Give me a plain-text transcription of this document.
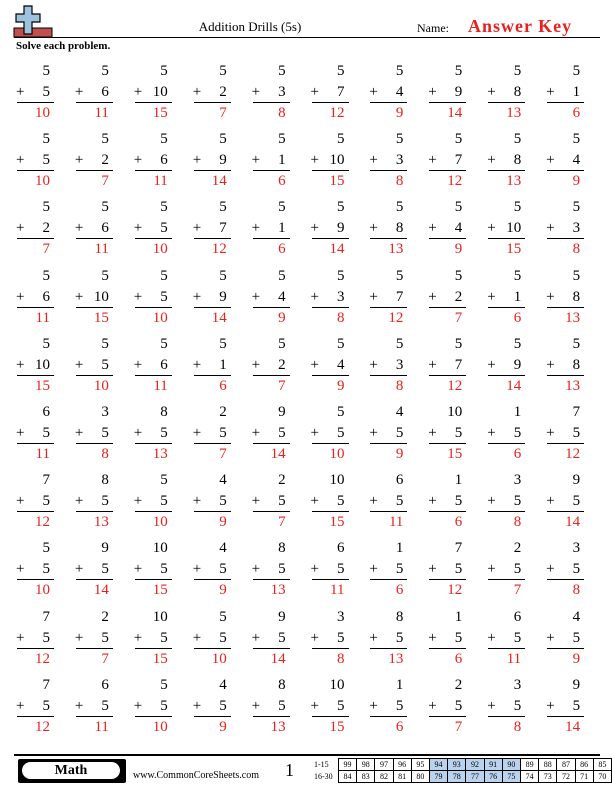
Addition Drills (5s)	Name: Answer Key
Solve each problem.
5
+ 5
10
5
+ 6
11
5
+ 10
15
5
+ 2
7
5
+ 3
8
5
+ 7
12
5
+ 4
9
5
+ 9
14
5
+ 8
13
5
+ 1
6
5
+ 5
10
5
+ 2
7
5
+ 6
11
5
+ 9
14
5
+ 1
6
5
+ 10
15
5
+ 3
8
5
+ 7
12
5
+ 8
13
5
+ 4
9
5
+ 2
7
5
+ 6
11
5
+ 5
10
5
+ 7
12
5
+ 1
6
5
+ 9
14
5
+ 8
13
5
+ 4
9
5
+ 10
15
5
+ 3
8
5
+ 6
11
5
+ 10
15
5
+ 5
10
5
+ 9
14
5
+ 4
9
5
+ 3
8
5
+ 7
12
5
+ 2
7
5
+ 1
6
5
+ 8
13
5
+ 10
15
5
+ 5
10
5
+ 6
11
5
+ 1
6
5
+ 2
7
5
+ 4
9
5
+ 3
8
5
+ 7
12
5
+ 9
14
5
+ 8
13
6
+ 5
11
3
+ 5
8
8
+ 5
13
2
+ 5
7
9
+ 5
14
5
+ 5
10
4
+ 5
9
10
+ 5
15
1
+ 5
6
7
+ 5
12
7
+ 5
12
8
+ 5
13
5
+ 5
10
4
+ 5
9
2
+ 5
7
10
+ 5
15
6
+ 5
11
1
+ 5
6
3
+ 5
8
9
+ 5
14
5
+ 5
10
9
+ 5
14
10
+ 5
15
4
+ 5
9
8
+ 5
13
6
+ 5
11
1
+ 5
6
7
+ 5
12
2
+ 5
7
3
+ 5
8
7
+ 5
12
2
+ 5
7
10
+ 5
15
5
+ 5
10
9
+ 5
14
3
+ 5
8
8
+ 5
13
1
+ 5
6
6
+ 5
11
4
+ 5
9
7
+ 5
12
6
+ 5
11
5
+ 5
10
4
+ 5
9
8
+ 5
13
10
+ 5
15
1
+ 5
6
2
+ 5
7
3
+ 5
8
9
+ 5
14
Math	www.CommonCoreSheets.com 1	1-15	99	98	97	96	95	94	93	92	91	90	89	88	87	86	85
16-30	84	83	82	81	80	79	78	77	76	75	74	73	72	71	70
